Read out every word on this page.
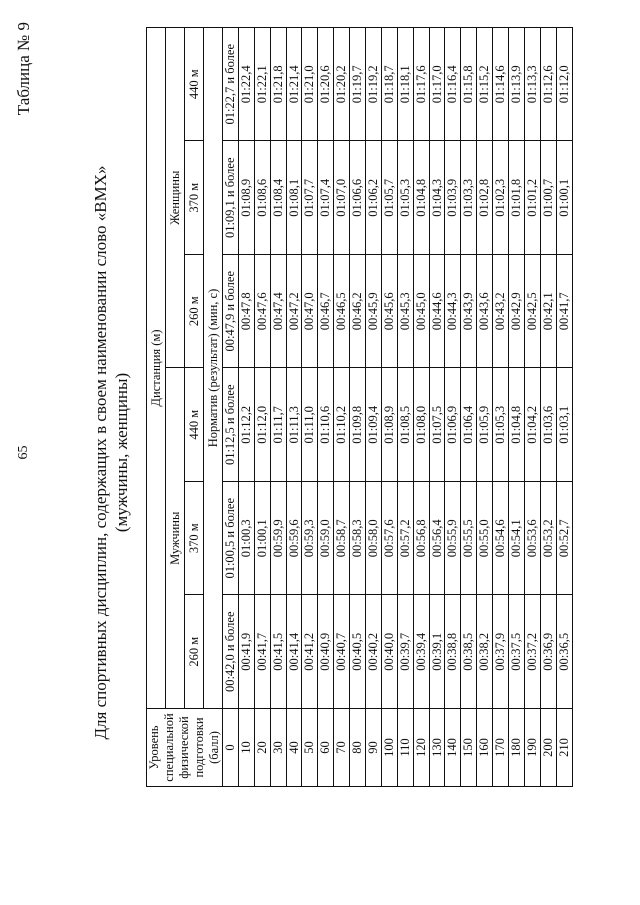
65
Таблица № 9
Для спортивных дисциплин, содержащих в своем наименовании слово «ВМХ» (мужчины, женщины)
Уровень специальной физической подготовки (балл)	Дистанция (м)					
	Мужчины			Женщины		
	260 м	370 м	440 м	260 м	370 м	440 м
	Норматив (результат) (мин, с)					
0	00:42,0 и более	01:00,5 и более	01:12,5 и более	00:47,9 и более	01:09,1 и более	01:22,7 и более
10	00:41,9	01:00,3	01:12,2	00:47,8	01:08,9	01:22,4
20	00:41,7	01:00,1	01:12,0	00:47,6	01:08,6	01:22,1
30	00:41,5	00:59,9	01:11,7	00:47,4	01:08,4	01:21,8
40	00:41,4	00:59,6	01:11,3	00:47,2	01:08,1	01:21,4
50	00:41,2	00:59,3	01:11,0	00:47,0	01:07,7	01:21,0
60	00:40,9	00:59,0	01:10,6	00:46,7	01:07,4	01:20,6
70	00:40,7	00:58,7	01:10,2	00:46,5	01:07,0	01:20,2
80	00:40,5	00:58,3	01:09,8	00:46,2	01:06,6	01:19,7
90	00:40,2	00:58,0	01:09,4	00:45,9	01:06,2	01:19,2
100	00:40,0	00:57,6	01:08,9	00:45,6	01:05,7	01:18,7
110	00:39,7	00:57,2	01:08,5	00:45,3	01:05,3	01:18,1
120	00:39,4	00:56,8	01:08,0	00:45,0	01:04,8	01:17,6
130	00:39,1	00:56,4	01:07,5	00:44,6	01:04,3	01:17,0
140	00:38,8	00:55,9	01:06,9	00:44,3	01:03,9	01:16,4
150	00:38,5	00:55,5	01:06,4	00:43,9	01:03,3	01:15,8
160	00:38,2	00:55,0	01:05,9	00:43,6	01:02,8	01:15,2
170	00:37,9	00:54,6	01:05,3	00:43,2	01:02,3	01:14,6
180	00:37,5	00:54,1	01:04,8	00:42,9	01:01,8	01:13,9
190	00:37,2	00:53,6	01:04,2	00:42,5	01:01,2	01:13,3
200	00:36,9	00:53,2	01:03,6	00:42,1	01:00,7	01:12,6
210	00:36,5	00:52,7	01:03,1	00:41,7	01:00,1	01:12,0
